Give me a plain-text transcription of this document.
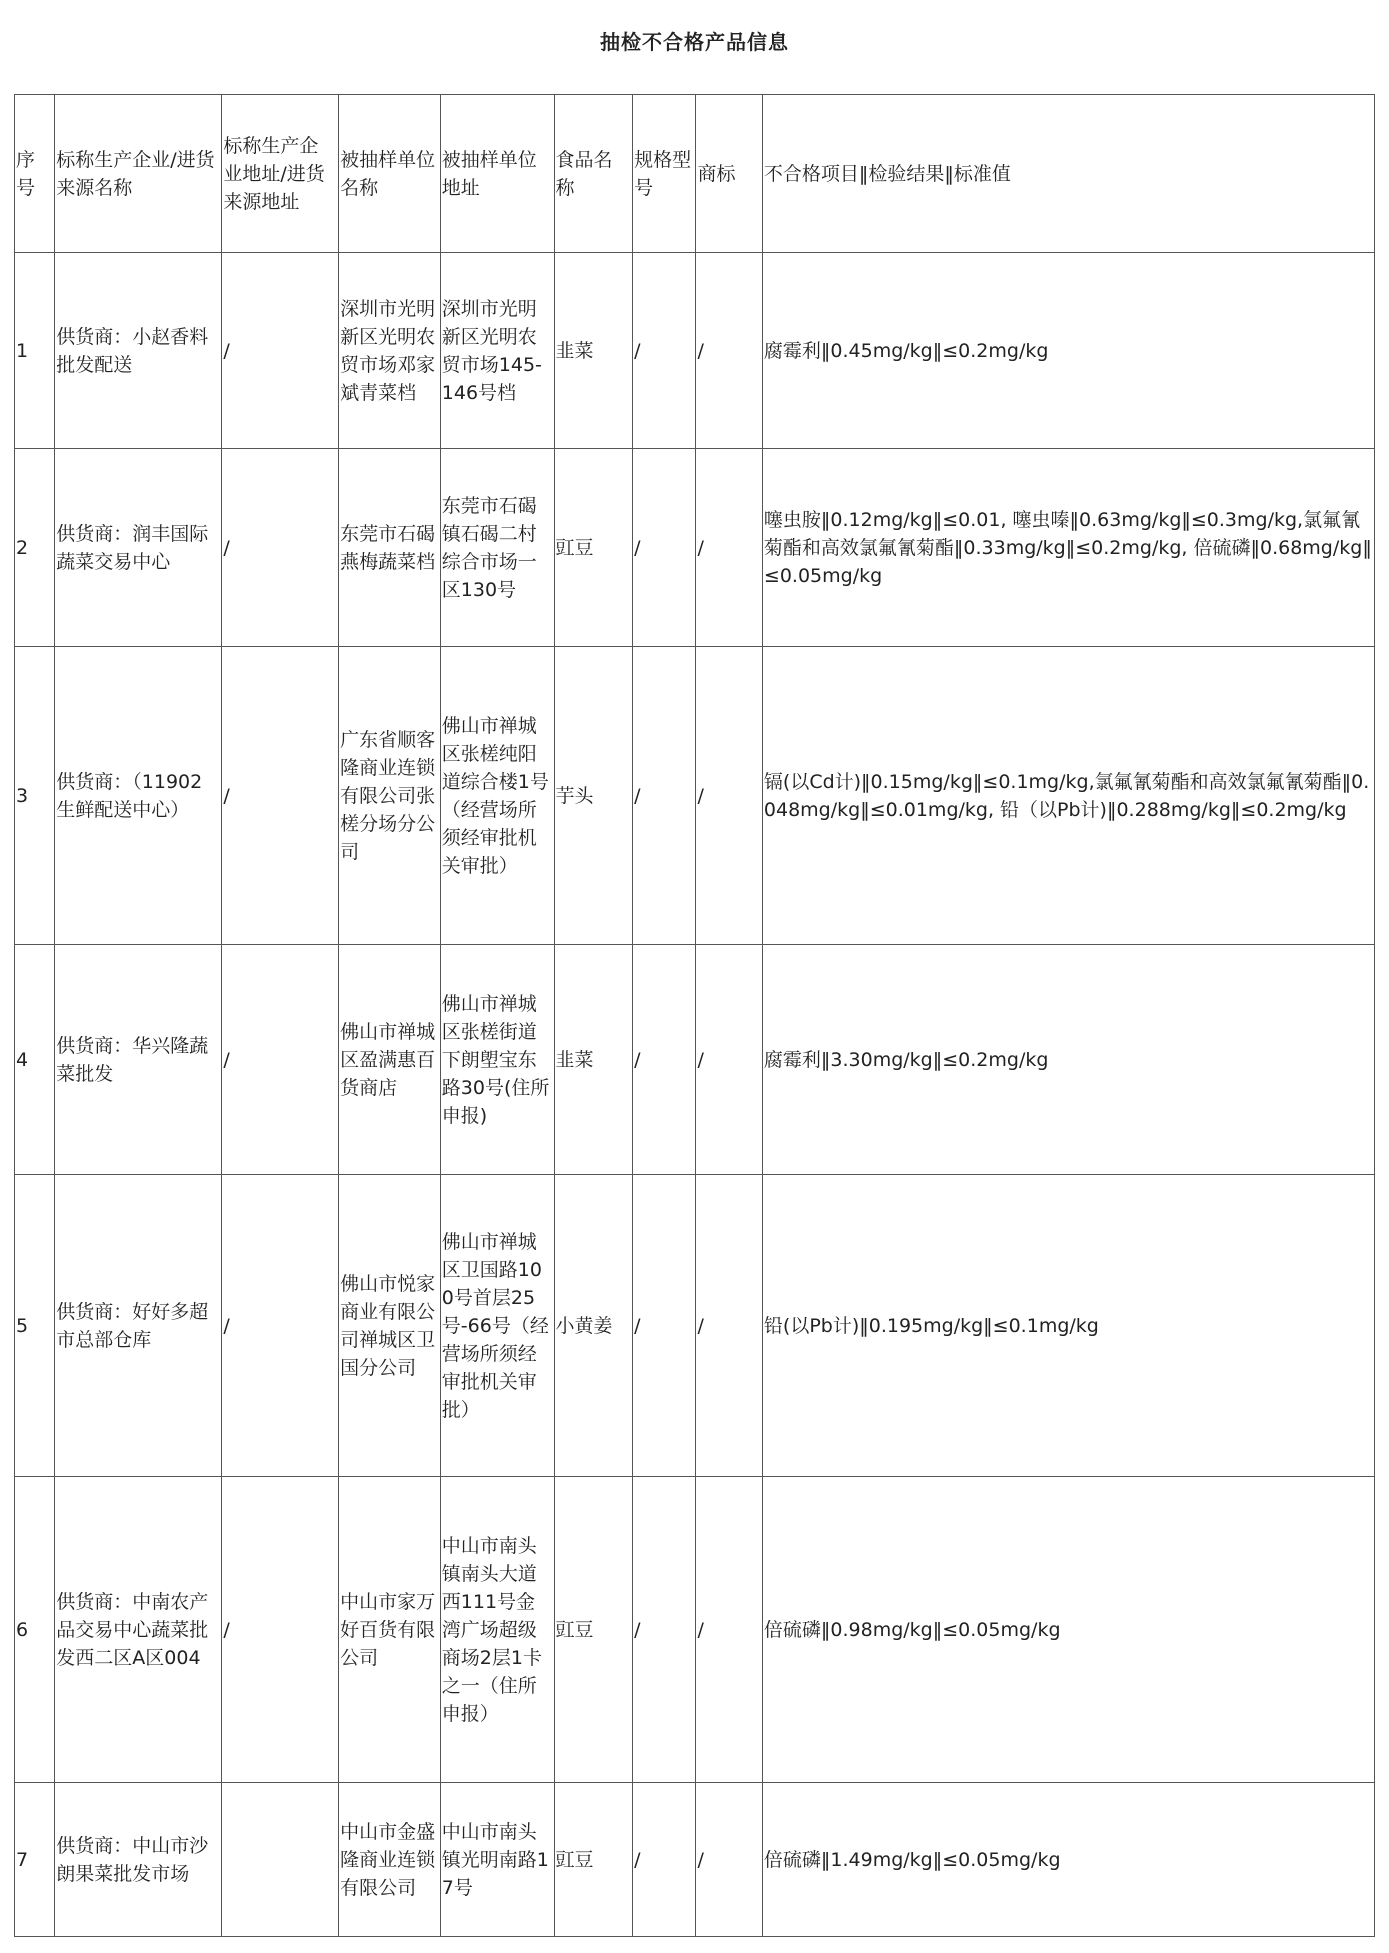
抽检不合格产品信息
序号	标称生产企业/进货来源名称	标称生产企业地址/进货来源地址	被抽样单位名称	被抽样单位地址	食品名称	规格型号	商标	不合格项目‖检验结果‖标准值
1	供货商：小赵香料批发配送	/	深圳市光明新区光明农贸市场邓家斌青菜档	深圳市光明新区光明农贸市场145-146号档	韭菜	/	/	腐霉利‖0.45mg/kg‖≤0.2mg/kg
2	供货商：润丰国际蔬菜交易中心	/	东莞市石碣燕梅蔬菜档	东莞市石碣镇石碣二村综合市场一区130号	豇豆	/	/	噻虫胺‖0.12mg/kg‖≤0.01, 噻虫嗪‖0.63mg/kg‖≤0.3mg/kg,氯氟氰菊酯和高效氯氟氰菊酯‖0.33mg/kg‖≤0.2mg/kg, 倍硫磷‖0.68mg/kg‖≤0.05mg/kg
3	供货商：（11902生鲜配送中心）	/	广东省顺客隆商业连锁有限公司张槎分场分公司	佛山市禅城区张槎纯阳道综合楼1号（经营场所须经审批机关审批）	芋头	/	/	镉(以Cd计)‖0.15mg/kg‖≤0.1mg/kg,氯氟氰菊酯和高效氯氟氰菊酯‖0.048mg/kg‖≤0.01mg/kg, 铅（以Pb计)‖0.288mg/kg‖≤0.2mg/kg
4	供货商：华兴隆蔬菜批发	/	佛山市禅城区盈满惠百货商店	佛山市禅城区张槎街道下朗塱宝东路30号(住所申报)	韭菜	/	/	腐霉利‖3.30mg/kg‖≤0.2mg/kg
5	供货商：好好多超市总部仓库	/	佛山市悦家商业有限公司禅城区卫国分公司	佛山市禅城区卫国路100号首层25号-66号（经营场所须经审批机关审批）	小黄姜	/	/	铅(以Pb计)‖0.195mg/kg‖≤0.1mg/kg
6	供货商：中南农产品交易中心蔬菜批发西二区A区004	/	中山市家万好百货有限公司	中山市南头镇南头大道西111号金湾广场超级商场2层1卡之一（住所申报）	豇豆	/	/	倍硫磷‖0.98mg/kg‖≤0.05mg/kg
7	供货商：中山市沙朗果菜批发市场		中山市金盛隆商业连锁有限公司	中山市南头镇光明南路17号	豇豆	/	/	倍硫磷‖1.49mg/kg‖≤0.05mg/kg
